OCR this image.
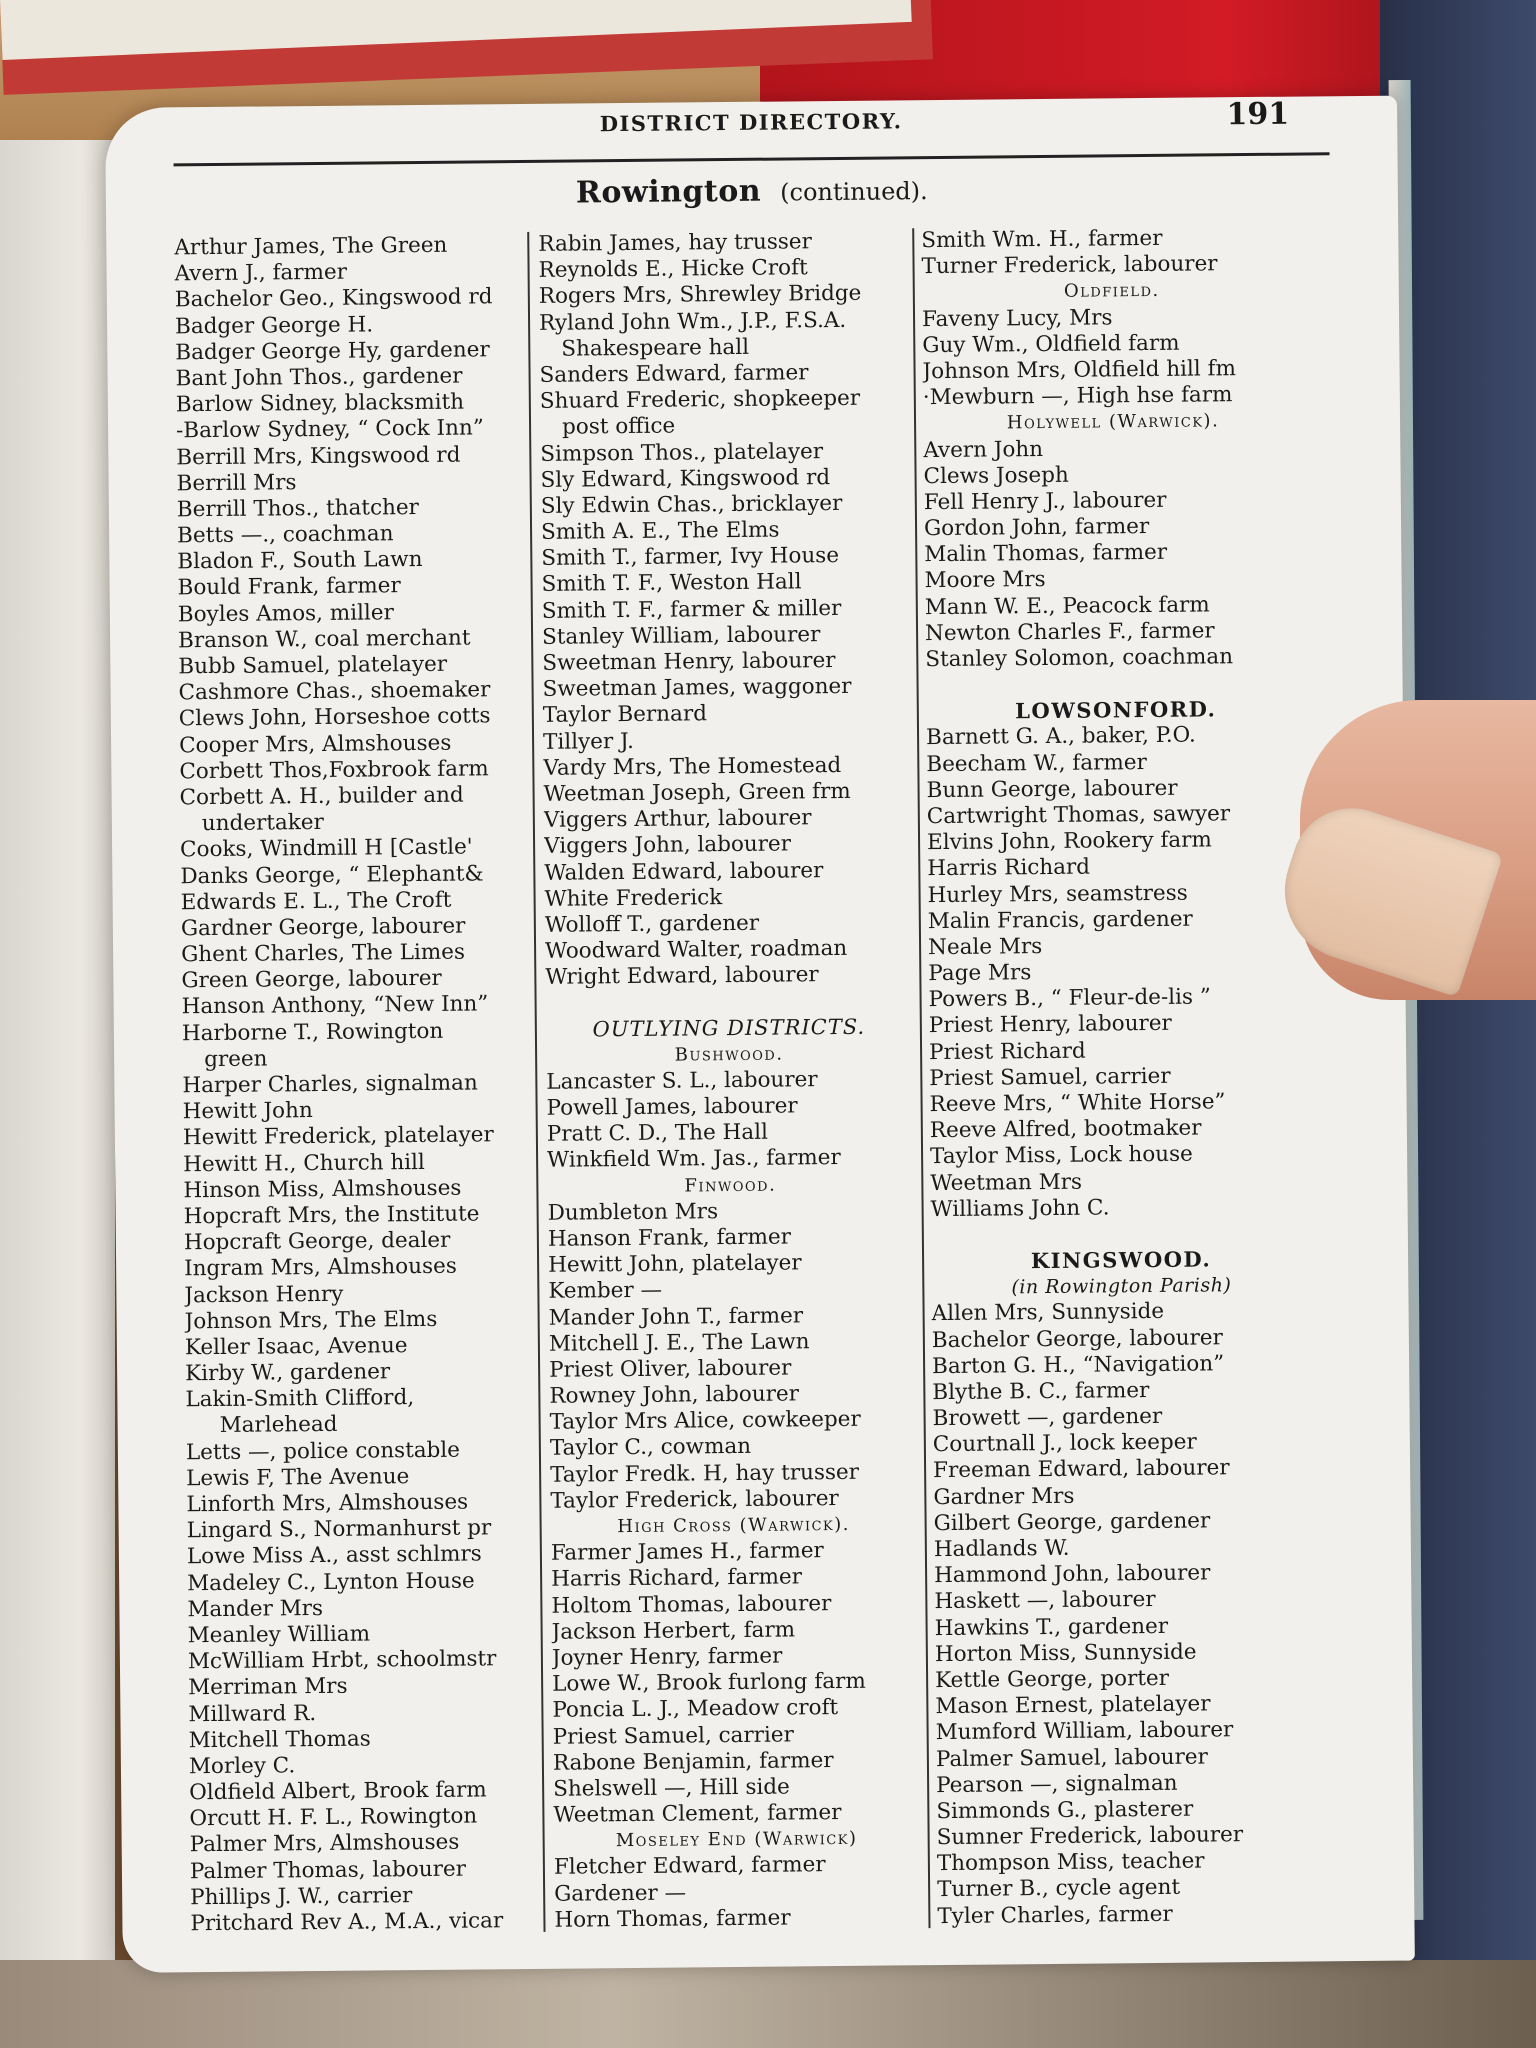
DISTRICT DIRECTORY.	191
Rowington (continued).
Arthur James, The Green
Avern J., farmer
Bachelor Geo., Kingswood rd
Badger George H.
Badger George Hy, gardener
Bant John Thos., gardener
Barlow Sidney, blacksmith
-Barlow Sydney, “ Cock Inn”
Berrill Mrs, Kingswood rd
Berrill Mrs
Berrill Thos., thatcher
Betts —., coachman
Bladon F., South Lawn
Bould Frank, farmer
Boyles Amos, miller
Branson W., coal merchant
Bubb Samuel, platelayer
Cashmore Chas., shoemaker
Clews John, Horseshoe cotts
Cooper Mrs, Almshouses
Corbett Thos,Foxbrook farm
Corbett A. H., builder and
undertaker
Cooks, Windmill H [Castle'
Danks George, “ Elephant&
Edwards E. L., The Croft
Gardner George, labourer
Ghent Charles, The Limes
Green George, labourer
Hanson Anthony, “New Inn”
Harborne T., Rowington
green
Harper Charles, signalman
Hewitt John
Hewitt Frederick, platelayer
Hewitt H., Church hill
Hinson Miss, Almshouses
Hopcraft Mrs, the Institute
Hopcraft George, dealer
Ingram Mrs, Almshouses
Jackson Henry
Johnson Mrs, The Elms
Keller Isaac, Avenue
Kirby W., gardener
Lakin-Smith Clifford,
Marlehead
Letts —, police constable
Lewis F, The Avenue
Linforth Mrs, Almshouses
Lingard S., Normanhurst pr
Lowe Miss A., asst schlmrs
Madeley C., Lynton House
Mander Mrs
Meanley William
McWilliam Hrbt, schoolmstr
Merriman Mrs
Millward R.
Mitchell Thomas
Morley C.
Oldfield Albert, Brook farm
Orcutt H. F. L., Rowington
Palmer Mrs, Almshouses
Palmer Thomas, labourer
Phillips J. W., carrier
Pritchard Rev A., M.A., vicar
Rabin James, hay trusser
Reynolds E., Hicke Croft
Rogers Mrs, Shrewley Bridge
Ryland John Wm., J.P., F.S.A.
Shakespeare hall
Sanders Edward, farmer
Shuard Frederic, shopkeeper
post office
Simpson Thos., platelayer
Sly Edward, Kingswood rd
Sly Edwin Chas., bricklayer
Smith A. E., The Elms
Smith T., farmer, Ivy House
Smith T. F., Weston Hall
Smith T. F., farmer & miller
Stanley William, labourer
Sweetman Henry, labourer
Sweetman James, waggoner
Taylor Bernard
Tillyer J.
Vardy Mrs, The Homestead
Weetman Joseph, Green frm
Viggers Arthur, labourer
Viggers John, labourer
Walden Edward, labourer
White Frederick
Wolloff T., gardener
Woodward Walter, roadman
Wright Edward, labourer
OUTLYING DISTRICTS.
Bushwood.
Lancaster S. L., labourer
Powell James, labourer
Pratt C. D., The Hall
Winkfield Wm. Jas., farmer
Finwood.
Dumbleton Mrs
Hanson Frank, farmer
Hewitt John, platelayer
Kember —
Mander John T., farmer
Mitchell J. E., The Lawn
Priest Oliver, labourer
Rowney John, labourer
Taylor Mrs Alice, cowkeeper
Taylor C., cowman
Taylor Fredk. H, hay trusser
Taylor Frederick, labourer
High Cross (Warwick).
Farmer James H., farmer
Harris Richard, farmer
Holtom Thomas, labourer
Jackson Herbert, farm
Joyner Henry, farmer
Lowe W., Brook furlong farm
Poncia L. J., Meadow croft
Priest Samuel, carrier
Rabone Benjamin, farmer
Shelswell —, Hill side
Weetman Clement, farmer
Moseley End (Warwick)
Fletcher Edward, farmer
Gardener —
Horn Thomas, farmer
Smith Wm. H., farmer
Turner Frederick, labourer
Oldfield.
Faveny Lucy, Mrs
Guy Wm., Oldfield farm
Johnson Mrs, Oldfield hill fm
·Mewburn —, High hse farm
Holywell (Warwick).
Avern John
Clews Joseph
Fell Henry J., labourer
Gordon John, farmer
Malin Thomas, farmer
Moore Mrs
Mann W. E., Peacock farm
Newton Charles F., farmer
Stanley Solomon, coachman
LOWSONFORD.
Barnett G. A., baker, P.O.
Beecham W., farmer
Bunn George, labourer
Cartwright Thomas, sawyer
Elvins John, Rookery farm
Harris Richard
Hurley Mrs, seamstress
Malin Francis, gardener
Neale Mrs
Page Mrs
Powers B., “ Fleur-de-lis ”
Priest Henry, labourer
Priest Richard
Priest Samuel, carrier
Reeve Mrs, “ White Horse”
Reeve Alfred, bootmaker
Taylor Miss, Lock house
Weetman Mrs
Williams John C.
KINGSWOOD.
(in Rowington Parish)
Allen Mrs, Sunnyside
Bachelor George, labourer
Barton G. H., “Navigation”
Blythe B. C., farmer
Browett —, gardener
Courtnall J., lock keeper
Freeman Edward, labourer
Gardner Mrs
Gilbert George, gardener
Hadlands W.
Hammond John, labourer
Haskett —, labourer
Hawkins T., gardener
Horton Miss, Sunnyside
Kettle George, porter
Mason Ernest, platelayer
Mumford William, labourer
Palmer Samuel, labourer
Pearson —, signalman
Simmonds G., plasterer
Sumner Frederick, labourer
Thompson Miss, teacher
Turner B., cycle agent
Tyler Charles, farmer
